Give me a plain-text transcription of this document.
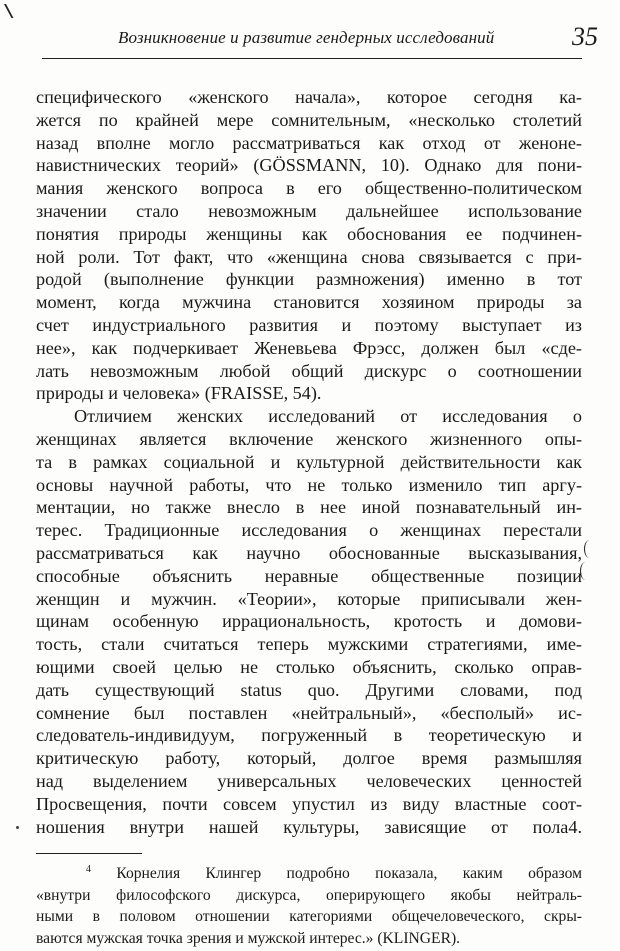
Возникновение и развитие гендерных исследований	35

специфического «женского начала», которое сегодня ка-
жется по крайней мере сомнительным, «несколько столетий
назад вполне могло рассматриваться как отход от женоне-
навистнических теорий» (GÖSSMANN, 10). Однако для пони-
мания женского вопроса в его общественно-политическом
значении стало невозможным дальнейшее использование
понятия природы женщины как обоснования ее подчинен-
ной роли. Тот факт, что «женщина снова связывается с при-
родой (выполнение функции размножения) именно в тот
момент, когда мужчина становится хозяином природы за
счет индустриального развития и поэтому выступает из
нее», как подчеркивает Женевьева Фрэсс, должен был «сде-
лать невозможным любой общий дискурс о соотношении
природы и человека» (FRAISSE, 54).

Отличием женских исследований от исследования о
женщинах является включение женского жизненного опы-
та в рамках социальной и культурной действительности как
основы научной работы, что не только изменило тип аргу-
ментации, но также внесло в нее иной познавательный ин-
терес. Традиционные исследования о женщинах перестали
рассматриваться как научно обоснованные высказывания,
способные объяснить неравные общественные позиции
женщин и мужчин. «Теории», которые приписывали жен-
щинам особенную иррациональность, кротость и домови-
тость, стали считаться теперь мужскими стратегиями, име-
ющими своей целью не столько объяснить, сколько оправ-
дать существующий status quo. Другими словами, под
сомнение был поставлен «нейтральный», «бесполый» ис-
следователь-индивидуум, погруженный в теоретическую и
критическую работу, который, долгое время размышляя
над выделением универсальных человеческих ценностей
Просвещения, почти совсем упустил из виду властные соот-
ношения внутри нашей культуры, зависящие от пола4.

$^4$ Корнелия Клингер подробно показала, каким образом
«внутри философского дискурса, оперирующего якобы нейтраль-
ными в половом отношении категориями общечеловеческого, скры-
ваются мужская точка зрения и мужской интерес.» (KLINGER).
